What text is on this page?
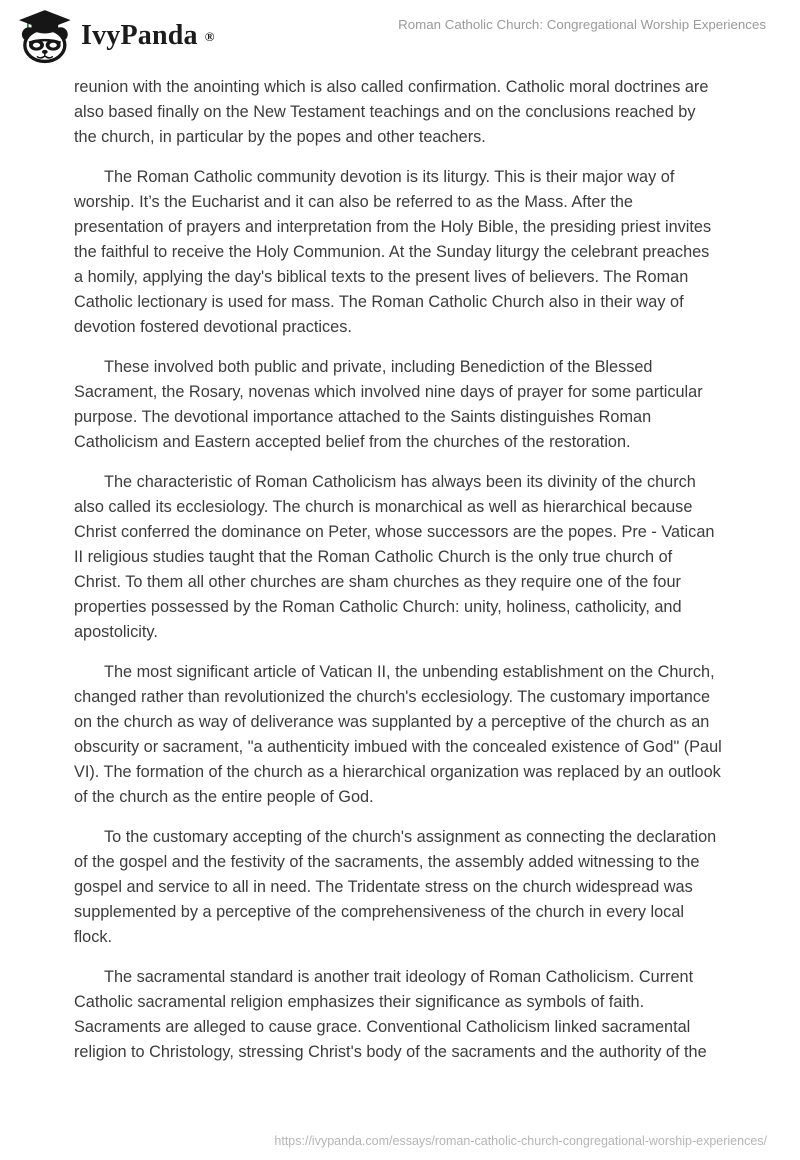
IvyPanda ®
Roman Catholic Church: Congregational Worship Experiences

reunion with the anointing which is also called confirmation. Catholic moral doctrines are also based finally on the New Testament teachings and on the conclusions reached by the church, in particular by the popes and other teachers.

The Roman Catholic community devotion is its liturgy. This is their major way of worship. It’s the Eucharist and it can also be referred to as the Mass. After the presentation of prayers and interpretation from the Holy Bible, the presiding priest invites the faithful to receive the Holy Communion. At the Sunday liturgy the celebrant preaches a homily, applying the day's biblical texts to the present lives of believers. The Roman Catholic lectionary is used for mass. The Roman Catholic Church also in their way of devotion fostered devotional practices.

These involved both public and private, including Benediction of the Blessed Sacrament, the Rosary, novenas which involved nine days of prayer for some particular purpose. The devotional importance attached to the Saints distinguishes Roman Catholicism and Eastern accepted belief from the churches of the restoration.

The characteristic of Roman Catholicism has always been its divinity of the church also called its ecclesiology. The church is monarchical as well as hierarchical because Christ conferred the dominance on Peter, whose successors are the popes. Pre - Vatican II religious studies taught that the Roman Catholic Church is the only true church of Christ. To them all other churches are sham churches as they require one of the four properties possessed by the Roman Catholic Church: unity, holiness, catholicity, and apostolicity.

The most significant article of Vatican II, the unbending establishment on the Church, changed rather than revolutionized the church's ecclesiology. The customary importance on the church as way of deliverance was supplanted by a perceptive of the church as an obscurity or sacrament, "a authenticity imbued with the concealed existence of God" (Paul VI). The formation of the church as a hierarchical organization was replaced by an outlook of the church as the entire people of God.

To the customary accepting of the church's assignment as connecting the declaration of the gospel and the festivity of the sacraments, the assembly added witnessing to the gospel and service to all in need. The Tridentate stress on the church widespread was supplemented by a perceptive of the comprehensiveness of the church in every local flock.

The sacramental standard is another trait ideology of Roman Catholicism. Current Catholic sacramental religion emphasizes their significance as symbols of faith. Sacraments are alleged to cause grace. Conventional Catholicism linked sacramental religion to Christology, stressing Christ's body of the sacraments and the authority of the

https://ivypanda.com/essays/roman-catholic-church-congregational-worship-experiences/
